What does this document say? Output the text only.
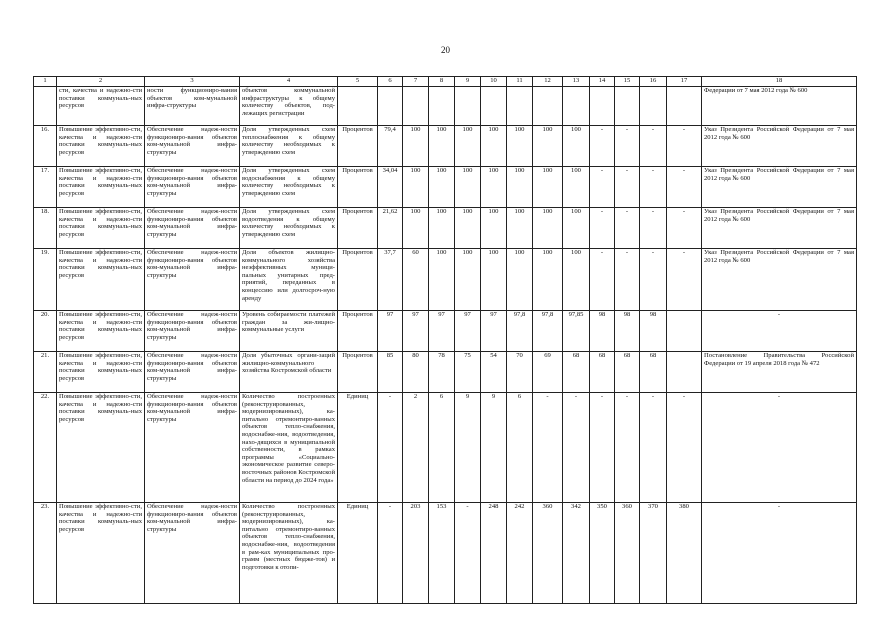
20
1	2	3	4	5	6	7	8	9	10	11	12	13	14	15	16	17	18
	сти, качества и надежно-сти поставки коммуналь-ных ресурсов	ности функциониро-вания объектов ком-мунальной инфра-структуры	объектов коммунальной инфраструктуры к общему количеству объектов, под-лежащих регистрации														Федерации от 7 мая 2012 года № 600
16.	Повышение эффективно-сти, качества и надежно-сти поставки коммуналь-ных ресурсов	Обеспечение надеж-ности функциониро-вания объектов ком-мунальной инфра-структуры	Доля утвержденных схем теплоснабжения к общему количеству необходимых к утверждению схем	Процентов	79,4	100	100	100	100	100	100	100	-	-	-	-	Указ Президента Российской Федерации от 7 мая 2012 года № 600
17.	Повышение эффективно-сти, качества и надежно-сти поставки коммуналь-ных ресурсов	Обеспечение надеж-ности функциониро-вания объектов ком-мунальной инфра-структуры	Доля утвержденных схем водоснабжения к общему количеству необходимых к утверждению схем	Процентов	34,04	100	100	100	100	100	100	100	-	-	-	-	Указ Президента Российской Федерации от 7 мая 2012 года № 600
18.	Повышение эффективно-сти, качества и надежно-сти поставки коммуналь-ных ресурсов	Обеспечение надеж-ности функциониро-вания объектов ком-мунальной инфра-структуры	Доля утвержденных схем водоотведения к общему количеству необходимых к утверждению схем	Процентов	21,62	100	100	100	100	100	100	100	-	-	-	-	Указ Президента Российской Федерации от 7 мая 2012 года № 600
19.	Повышение эффективно-сти, качества и надежно-сти поставки коммуналь-ных ресурсов	Обеспечение надеж-ности функциониро-вания объектов ком-мунальной инфра-структуры	Доля объектов жилищно-коммунального хозяйства неэффективных муници-пальных унитарных пред-приятий, переданных в концессию или долгосроч-ную аренду	Процентов	37,7	60	100	100	100	100	100	100	-	-	-	-	Указ Президента Российской Федерации от 7 мая 2012 года № 600
20.	Повышение эффективно-сти, качества и надежно-сти поставки коммуналь-ных ресурсов	Обеспечение надеж-ности функциониро-вания объектов ком-мунальной инфра-структуры	Уровень собираемости платежей граждан за жи-лищно-коммунальные услуги	Процентов	97	97	97	97	97	97,8	97,8	97,85	98	98	98		-
21.	Повышение эффективно-сти, качества и надежно-сти поставки коммуналь-ных ресурсов	Обеспечение надеж-ности функциониро-вания объектов ком-мунальной инфра-структуры	Доля убыточных органи-заций жилищно-коммунального хозяйства Костромской области	Процентов	85	80	78	75	54	70	69	68	68	68	68		Постановление Правительства Российской Федерации от 19 апреля 2018 года № 472
22.	Повышение эффективно-сти, качества и надежно-сти поставки коммуналь-ных ресурсов	Обеспечение надеж-ности функциониро-вания объектов ком-мунальной инфра-структуры	Количество построенных (реконструированных, модернизированных), ка-питально отремонтиро-ванных объектов тепло-снабжения, водоснабже-ния, водоотведения, нахо-дящихся в муниципальной собственности, в рамках программы «Социально-экономическое развитие северо-восточных районов Костромской области на период до 2024 года»	Единиц	-	2	6	9	9	6	-	-	-	-	-	-	-
23.	Повышение эффективно-сти, качества и надежно-сти поставки коммуналь-ных ресурсов	Обеспечение надеж-ности функциониро-вания объектов ком-мунальной инфра-структуры	Количество построенных (реконструированных, модернизированных), ка-питально отремонтиро-ванных объектов тепло-снабжения, водоснабже-ния, водоотведения в рам-ках муниципальных про-грамм (местных бюдже-тов) и подготовки к отопи-	Единиц	-	203	153	-	248	242	360	342	350	360	370	380	-
